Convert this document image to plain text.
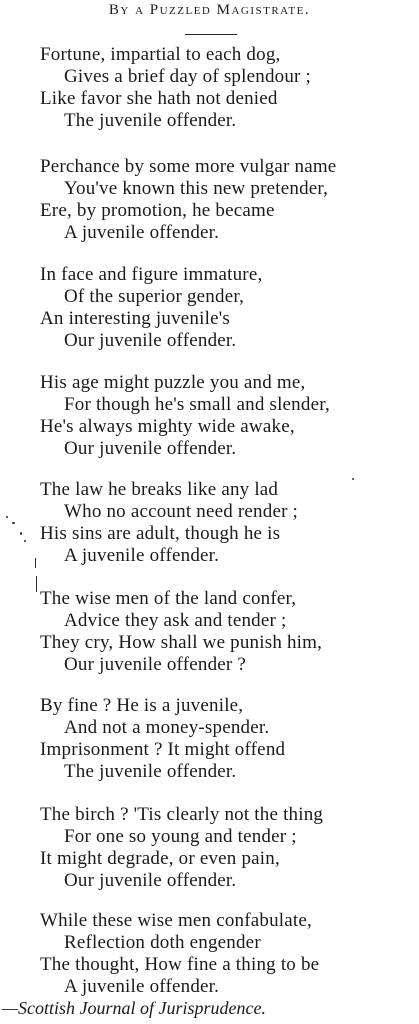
By a Puzzled Magistrate.
Fortune, impartial to each dog,
Gives a brief day of splendour ;
Like favor she hath not denied
The juvenile offender.
Perchance by some more vulgar name
You've known this new pretender,
Ere, by promotion, he became
A juvenile offender.
In face and figure immature,
Of the superior gender,
An interesting juvenile's
Our juvenile offender.
His age might puzzle you and me,
For though he's small and slender,
He's always mighty wide awake,
Our juvenile offender.
The law he breaks like any lad
Who no account need render ;
His sins are adult, though he is
A juvenile offender.
The wise men of the land confer,
Advice they ask and tender ;
They cry, How shall we punish him,
Our juvenile offender ?
By fine ? He is a juvenile,
And not a money-spender.
Imprisonment ? It might offend
The juvenile offender.
The birch ? 'Tis clearly not the thing
For one so young and tender ;
It might degrade, or even pain,
Our juvenile offender.
While these wise men confabulate,
Reflection doth engender
The thought, How fine a thing to be
A juvenile offender.
—Scottish Journal of Jurisprudence.
